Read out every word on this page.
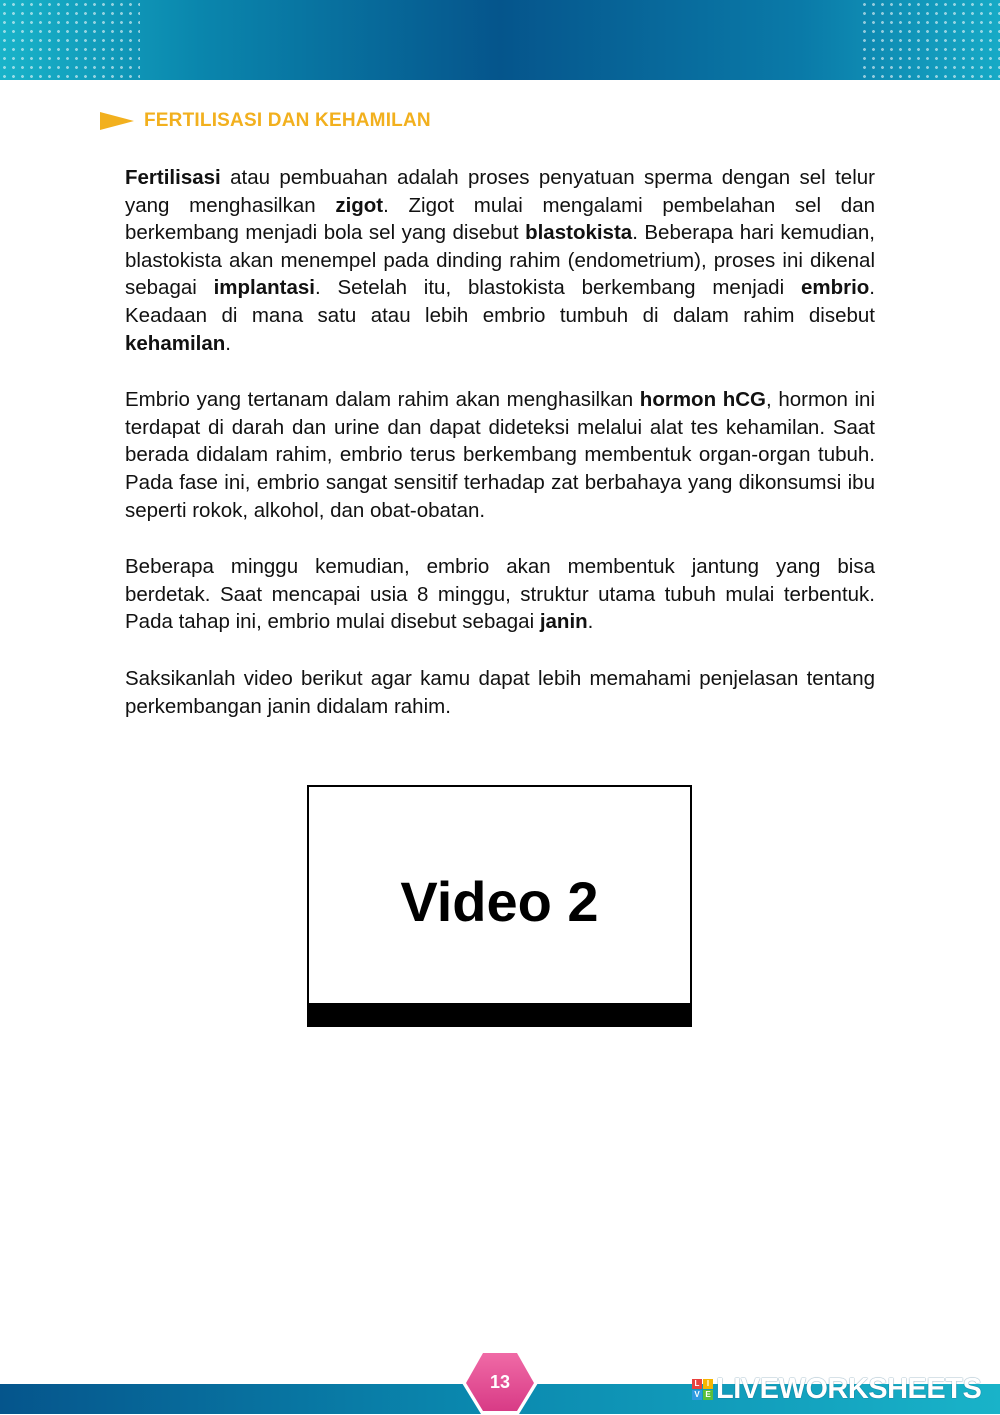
FERTILISASI DAN KEHAMILAN

Fertilisasi atau pembuahan adalah proses penyatuan sperma dengan sel telur yang menghasilkan zigot. Zigot mulai mengalami pembelahan sel dan berkembang menjadi bola sel yang disebut blastokista. Beberapa hari kemudian, blastokista akan menempel pada dinding rahim (endometrium), proses ini dikenal sebagai implantasi. Setelah itu, blastokista berkembang menjadi embrio. Keadaan di mana satu atau lebih embrio tumbuh di dalam rahim disebut kehamilan.

Embrio yang tertanam dalam rahim akan menghasilkan hormon hCG, hormon ini terdapat di darah dan urine dan dapat dideteksi melalui alat tes kehamilan. Saat berada didalam rahim, embrio terus berkembang membentuk organ-organ tubuh. Pada fase ini, embrio sangat sensitif terhadap zat berbahaya yang dikonsumsi ibu seperti rokok, alkohol, dan obat-obatan.

Beberapa minggu kemudian, embrio akan membentuk jantung yang bisa berdetak. Saat mencapai usia 8 minggu, struktur utama tubuh mulai terbentuk. Pada tahap ini, embrio mulai disebut sebagai janin.

Saksikanlah video berikut agar kamu dapat lebih memahami penjelasan tentang perkembangan janin didalam rahim.

Video 2
13	L I
V E LIVEWORKSHEETS
